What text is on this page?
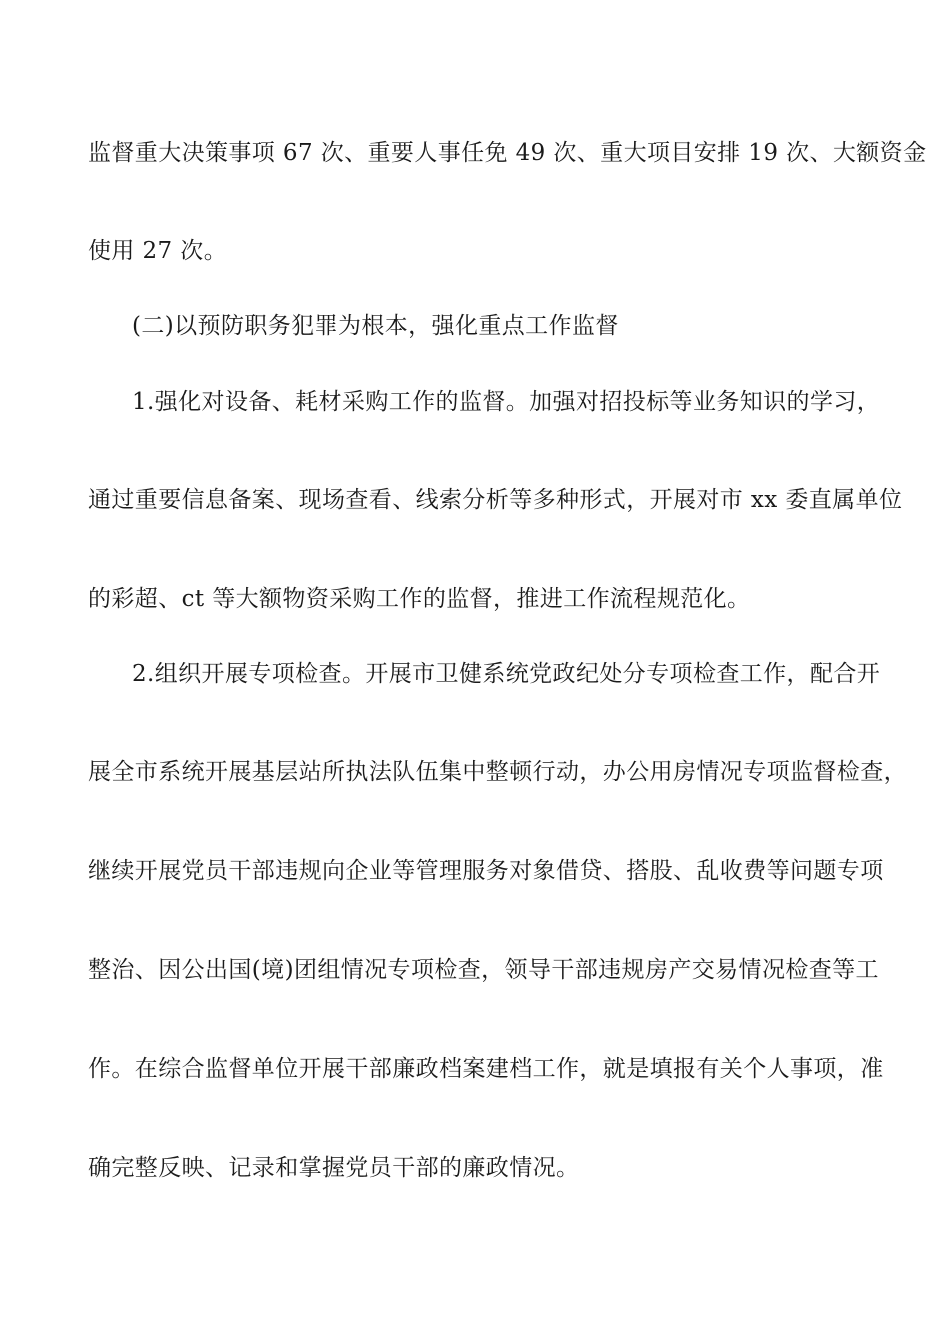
监督重大决策事项 67 次、重要人事任免 49 次、重大项目安排 19 次、大额资金
使用 27 次。
(二)以预防职务犯罪为根本，强化重点工作监督
1.强化对设备、耗材采购工作的监督。加强对招投标等业务知识的学习，
通过重要信息备案、现场查看、线索分析等多种形式，开展对市 xx 委直属单位
的彩超、ct 等大额物资采购工作的监督，推进工作流程规范化。
2.组织开展专项检查。开展市卫健系统党政纪处分专项检查工作，配合开
展全市系统开展基层站所执法队伍集中整顿行动，办公用房情况专项监督检查，
继续开展党员干部违规向企业等管理服务对象借贷、搭股、乱收费等问题专项
整治、因公出国(境)团组情况专项检查，领导干部违规房产交易情况检查等工
作。在综合监督单位开展干部廉政档案建档工作，就是填报有关个人事项，准
确完整反映、记录和掌握党员干部的廉政情况。
